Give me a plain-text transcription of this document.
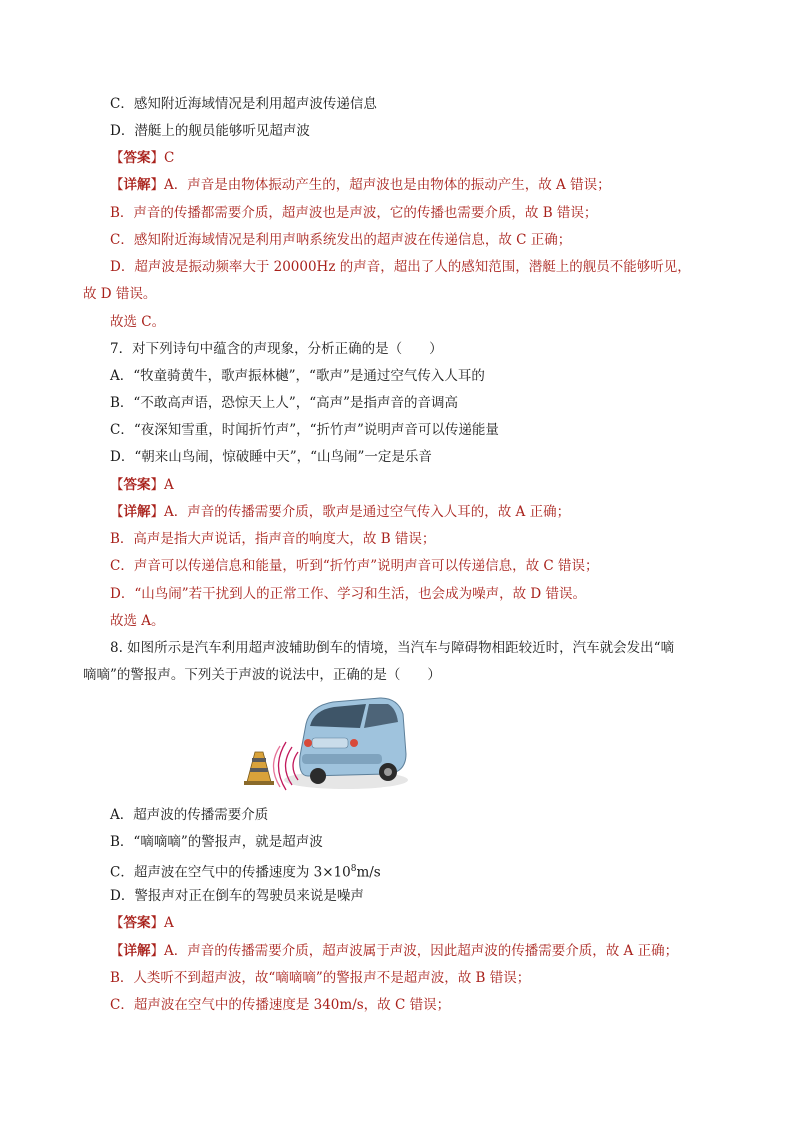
C．感知附近海域情况是利用超声波传递信息
D．潜艇上的舰员能够听见超声波
【答案】C
【详解】A．声音是由物体振动产生的，超声波也是由物体的振动产生，故 A 错误；
B．声音的传播都需要介质，超声波也是声波，它的传播也需要介质，故 B 错误；
C．感知附近海域情况是利用声呐系统发出的超声波在传递信息，故 C 正确；
D．超声波是振动频率大于 20000Hz 的声音，超出了人的感知范围，潜艇上的舰员不能够听见，
故 D 错误。
故选 C。
7．对下列诗句中蕴含的声现象，分析正确的是（　　）
A．“牧童骑黄牛，歌声振林樾”，“歌声”是通过空气传入人耳的
B．“不敢高声语，恐惊天上人”，“高声”是指声音的音调高
C．“夜深知雪重，时闻折竹声”，“折竹声”说明声音可以传递能量
D．“朝来山鸟闹，惊破睡中天”，“山鸟闹”一定是乐音
【答案】A
【详解】A．声音的传播需要介质，歌声是通过空气传入人耳的，故 A 正确；
B．高声是指大声说话，指声音的响度大，故 B 错误；
C．声音可以传递信息和能量，听到“折竹声”说明声音可以传递信息，故 C 错误；
D．“山鸟闹”若干扰到人的正常工作、学习和生活，也会成为噪声，故 D 错误。
故选 A。
8. 如图所示是汽车利用超声波辅助倒车的情境，当汽车与障碍物相距较近时，汽车就会发出“嘀
嘀嘀”的警报声。下列关于声波的说法中，正确的是（　　）
A．超声波的传播需要介质
B．“嘀嘀嘀”的警报声，就是超声波
C．超声波在空气中的传播速度为 $3\times 10^8m/s$
D．警报声对正在倒车的驾驶员来说是噪声
【答案】A
【详解】A．声音的传播需要介质，超声波属于声波，因此超声波的传播需要介质，故 A 正确；
B．人类听不到超声波，故“嘀嘀嘀”的警报声不是超声波，故 B 错误；
C．超声波在空气中的传播速度是 340m/s，故 C 错误；
